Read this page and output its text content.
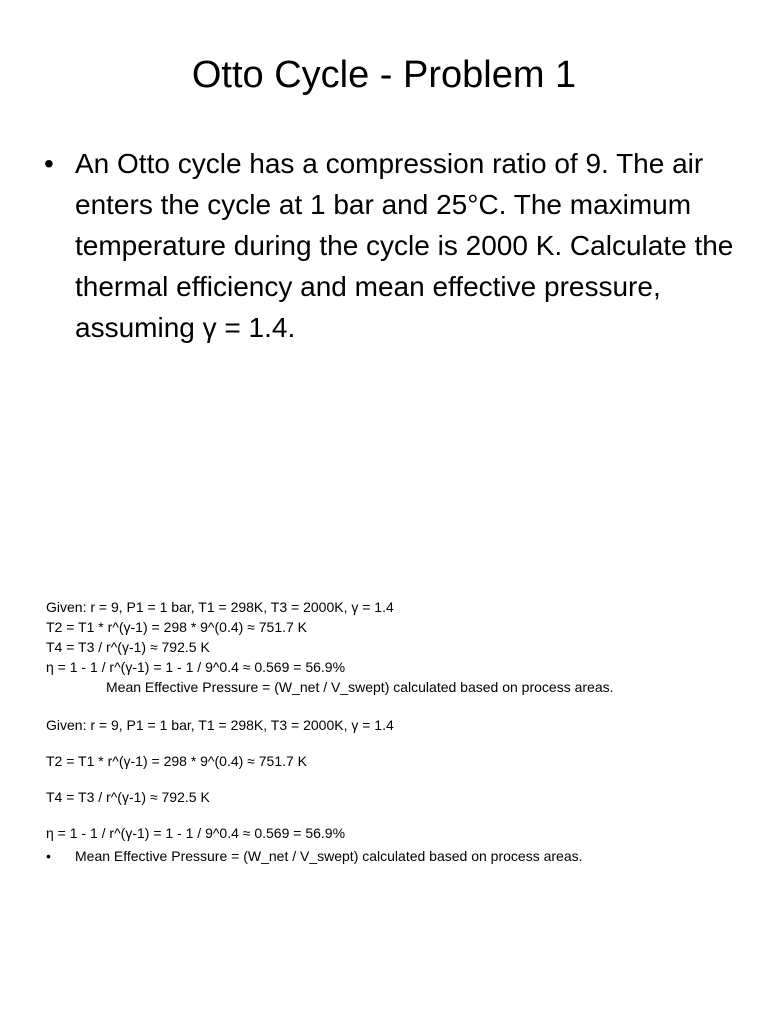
Otto Cycle - Problem 1
• An Otto cycle has a compression ratio of 9. The air enters the cycle at 1 bar and 25°C. The maximum temperature during the cycle is 2000 K. Calculate the thermal efficiency and mean effective pressure, assuming γ = 1.4.

Given: r = 9, P1 = 1 bar, T1 = 298K, T3 = 2000K, γ = 1.4
T2 = T1 * r^(γ-1) = 298 * 9^(0.4) ≈ 751.7 K
T4 = T3 / r^(γ-1) ≈ 792.5 K
η = 1 - 1 / r^(γ-1) = 1 - 1 / 9^0.4 ≈ 0.569 = 56.9%
Mean Effective Pressure = (W_net / V_swept) calculated based on process areas.
Given: r = 9, P1 = 1 bar, T1 = 298K, T3 = 2000K, γ = 1.4
T2 = T1 * r^(γ-1) = 298 * 9^(0.4) ≈ 751.7 K
T4 = T3 / r^(γ-1) ≈ 792.5 K
η = 1 - 1 / r^(γ-1) = 1 - 1 / 9^0.4 ≈ 0.569 = 56.9%
•	Mean Effective Pressure = (W_net / V_swept) calculated based on process areas.
